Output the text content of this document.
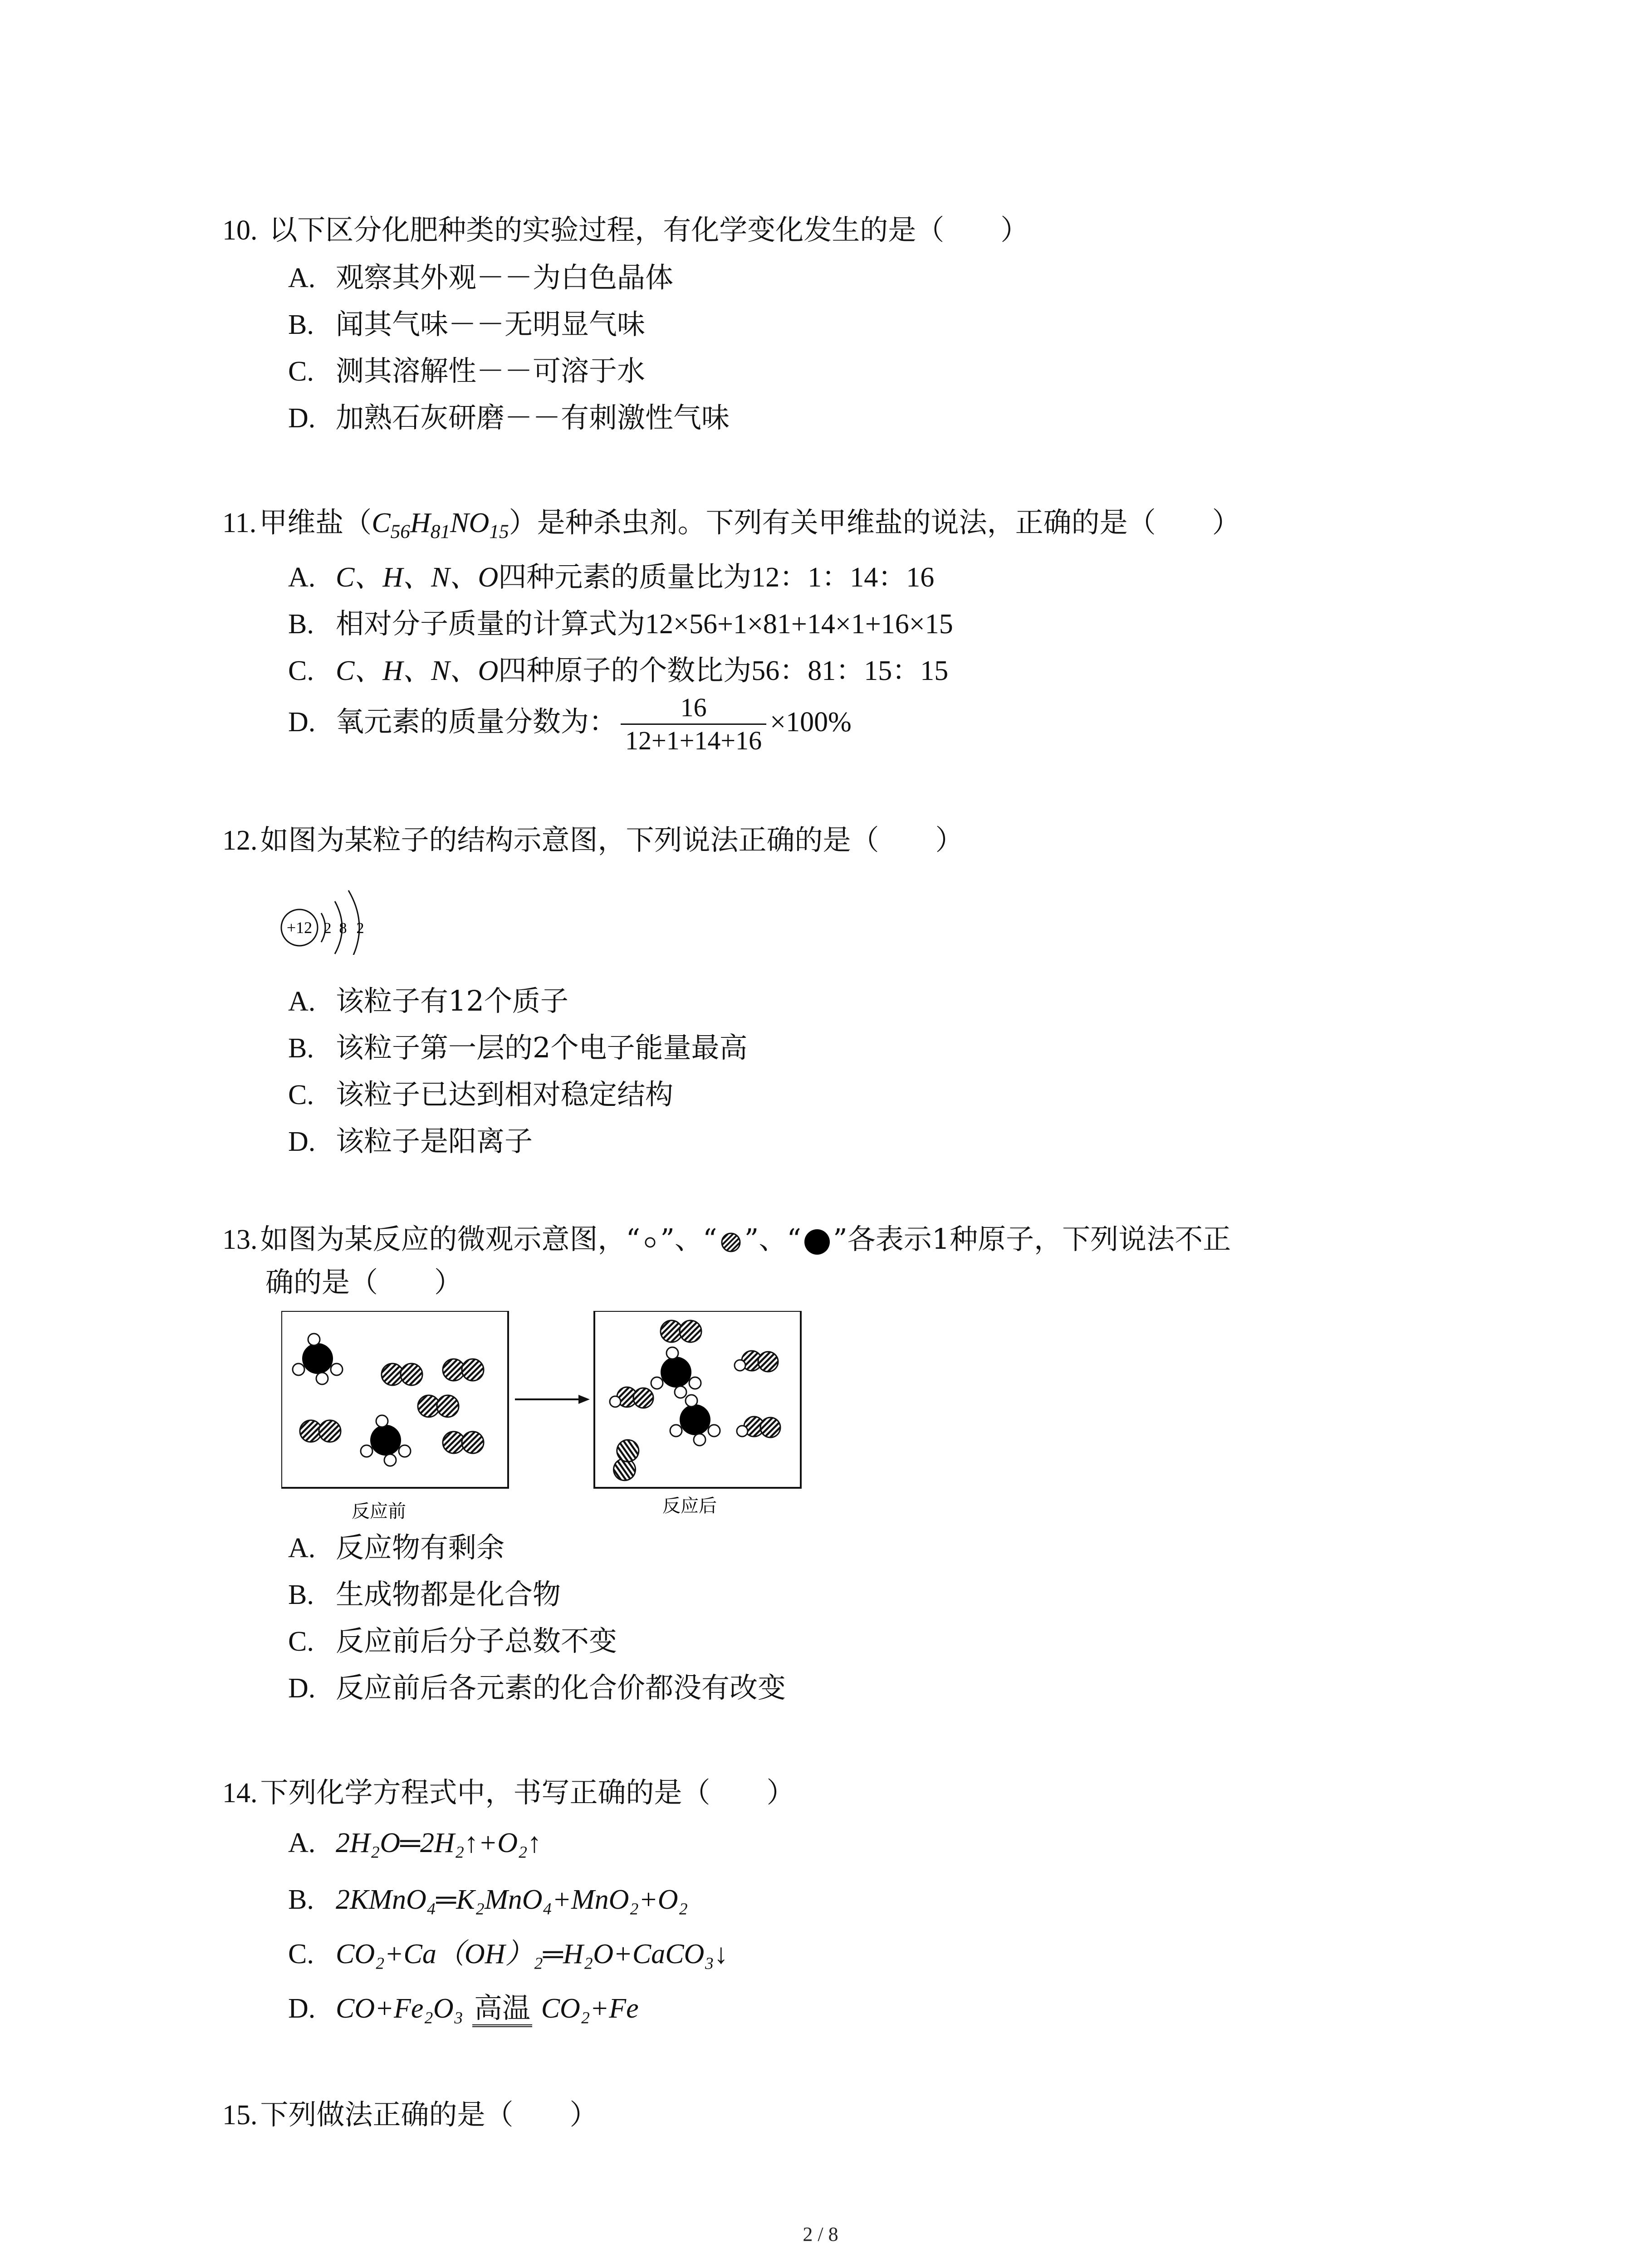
10. 以下区分化肥种类的实验过程，有化学变化发生的是（　　）
A. 观察其外观－－为白色晶体
B. 闻其气味－－无明显气味
C. 测其溶解性－－可溶于水
D. 加熟石灰研磨－－有刺激性气味
11.甲维盐$(C_{56}H_{81}NO_{15})$是种杀虫剂。下列有关甲维盐的说法，正确的是（　　）
A. C、H、N、O四种元素的质量比为12：1：14：16
B. 相对分子质量的计算式为12×56+1×81+14×1+16×15
C. C、H、N、O四种原子的个数比为56：81：15：15
D. 氧元素的质量分数为： $\frac{16}{12+1+14+16} \times 100\%$
12.如图为某粒子的结构示意图，下列说法正确的是（　　）
+12 2 8 2
A. 该粒子有12个质子
B. 该粒子第一层的2个电子能量最高
C. 该粒子已达到相对稳定结构
D. 该粒子是阳离子
13.如图为某反应的微观示意图，“ ”、“ ”、“ ”各表示1种原子，下列说法不正
确的是（　　）
反应前	反应后
A. 反应物有剩余
B. 生成物都是化合物
C. 反应前后分子总数不变
D. 反应前后各元素的化合价都没有改变
14.下列化学方程式中，书写正确的是（　　）
A. 2H₂O═2H₂↑+O₂↑
B. 2KMnO₄═K₂MnO₄+MnO₂+O₂
C. CO₂+Ca（OH）₂═H₂O+CaCO₃↓
D. CO+Fe₂O₃ 高温 CO₂+Fe
15.下列做法正确的是（　　）
2 / 8
